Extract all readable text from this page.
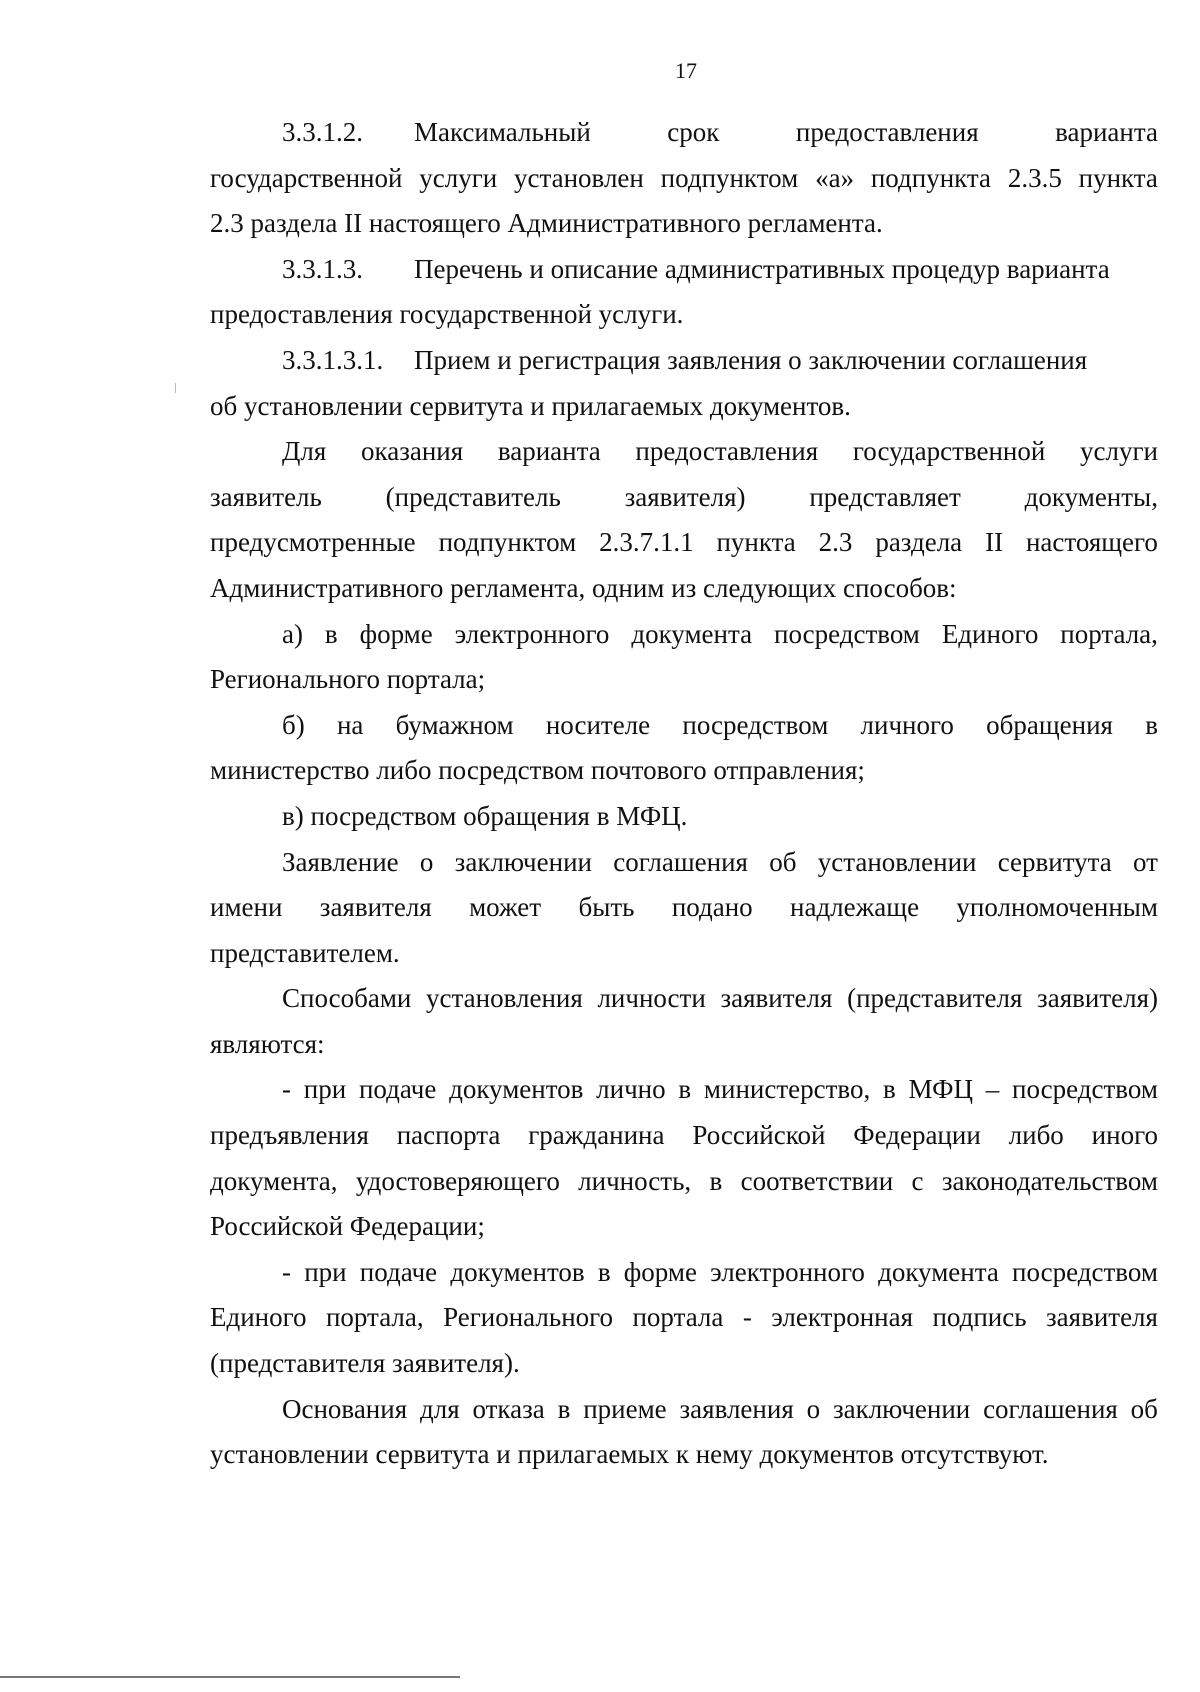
17
3.3.1.2.	Максимальный	срок	предоставления	варианта
государственной услуги установлен подпунктом «а» подпункта 2.3.5 пункта
2.3 раздела II настоящего Административного регламента.
3.3.1.3.	Перечень и описание административных процедур варианта
предоставления государственной услуги.
3.3.1.3.1.	Прием и регистрация заявления о заключении соглашения
об установлении сервитута и прилагаемых документов.
Для оказания варианта предоставления государственной услуги
заявитель (представитель заявителя) представляет документы,
предусмотренные подпунктом 2.3.7.1.1 пункта 2.3 раздела II настоящего
Административного регламента, одним из следующих способов:
а) в форме электронного документа посредством Единого портала,
Регионального портала;
б) на бумажном носителе посредством личного обращения в
министерство либо посредством почтового отправления;
в) посредством обращения в МФЦ.
Заявление о заключении соглашения об установлении сервитута от
имени заявителя может быть подано надлежаще уполномоченным
представителем.
Способами установления личности заявителя (представителя заявителя)
являются:
- при подаче документов лично в министерство, в МФЦ – посредством
предъявления паспорта гражданина Российской Федерации либо иного
документа, удостоверяющего личность, в соответствии с законодательством
Российской Федерации;
- при подаче документов в форме электронного документа посредством
Единого портала, Регионального портала - электронная подпись заявителя
(представителя заявителя).
Основания для отказа в приеме заявления о заключении соглашения об
установлении сервитута и прилагаемых к нему документов отсутствуют.
